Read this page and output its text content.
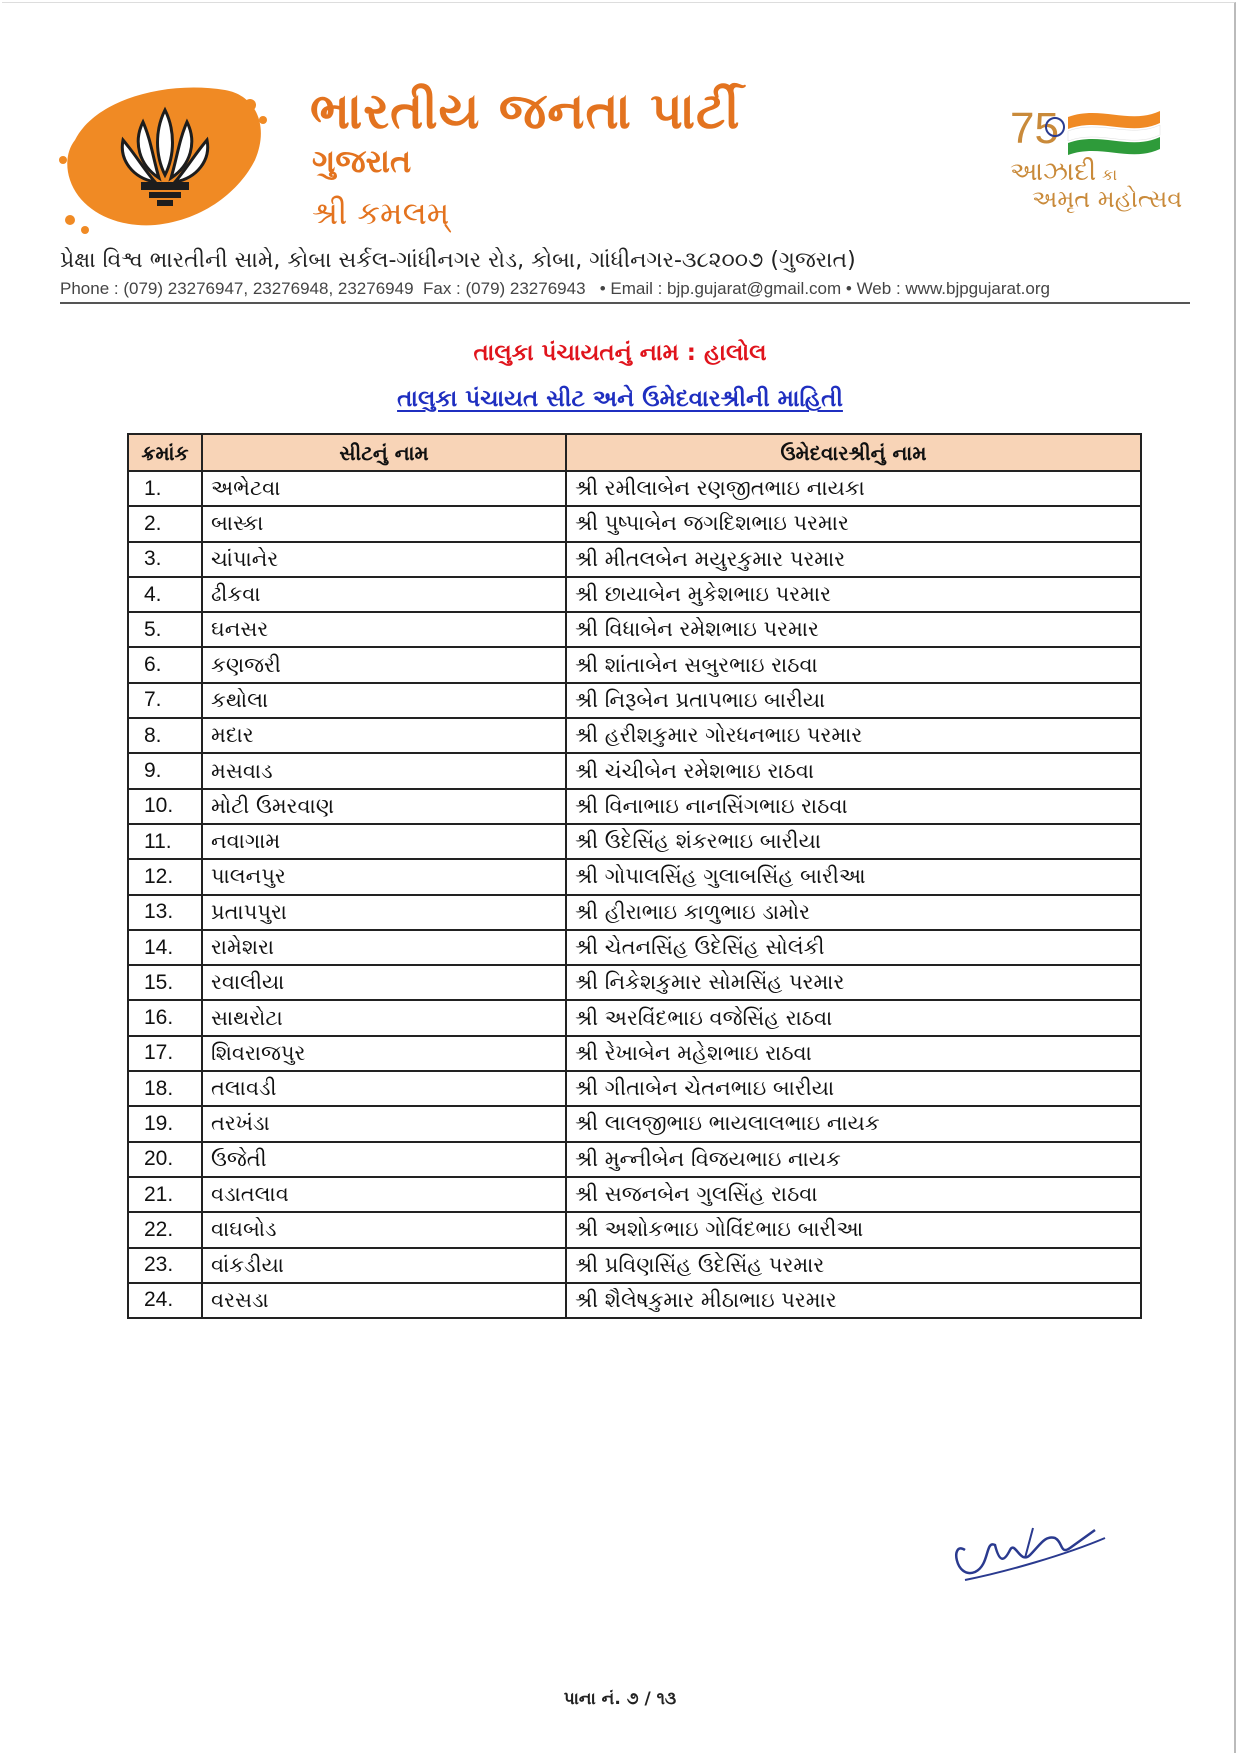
ભારતીય જનતા પાર્ટી
ગુજરાત
શ્રી કમલમ્
75
આઝાદી કા
અમૃત મહોત્સવ
પ્રેક્ષા વિશ્વ ભારતીની સામે, કોબા સર્કલ-ગાંધીનગર રોડ, કોબા, ગાંધીનગર-૩૮૨૦૦૭ (ગુજરાત)
Phone : (079) 23276947, 23276948, 23276949  Fax : (079) 23276943   • Email : bjp.gujarat@gmail.com • Web : www.bjpgujarat.org
તાલુકા પંચાયતનું નામ : હાલોલ
તાલુકા પંચાયત સીટ અને ઉમેદવારશ્રીની માહિતી
ક્રમાંક	સીટનું નામ	ઉમેદવારશ્રીનું નામ
1.	અભેટવા	શ્રી રમીલાબેન રણજીતભાઇ નાયકા
2.	બાસ્કા	શ્રી પુષ્પાબેન જગદિશભાઇ પરમાર
3.	ચાંપાનેર	શ્રી મીતલબેન મયુરકુમાર પરમાર
4.	ઢીકવા	શ્રી છાયાબેન મુકેશભાઇ પરમાર
5.	ઘનસર	શ્રી વિધાબેન રમેશભાઇ પરમાર
6.	કણજરી	શ્રી શાંતાબેન સબુરભાઇ રાઠવા
7.	કથોલા	શ્રી નિરૂબેન પ્રતાપભાઇ બારીયા
8.	મદાર	શ્રી હરીશકુમાર ગોરધનભાઇ પરમાર
9.	મસવાડ	શ્રી ચંચીબેન રમેશભાઇ રાઠવા
10.	મોટી ઉમરવાણ	શ્રી વિનાભાઇ નાનસિંગભાઇ રાઠવા
11.	નવાગામ	શ્રી ઉદેસિંહ શંકરભાઇ બારીયા
12.	પાલનપુર	શ્રી ગોપાલસિંહ ગુલાબસિંહ બારીઆ
13.	પ્રતાપપુરા	શ્રી હીરાભાઇ કાળુભાઇ ડામોર
14.	રામેશરા	શ્રી ચેતનસિંહ ઉદેસિંહ સોલંકી
15.	રવાલીયા	શ્રી નિકેશકુમાર સોમસિંહ પરમાર
16.	સાથરોટા	શ્રી અરવિંદભાઇ વજેસિંહ રાઠવા
17.	શિવરાજપુર	શ્રી રેખાબેન મહેશભાઇ રાઠવા
18.	તલાવડી	શ્રી ગીતાબેન ચેતનભાઇ બારીયા
19.	તરખંડા	શ્રી લાલજીભાઇ ભાયલાલભાઇ નાયક
20.	ઉજેતી	શ્રી મુન્નીબેન વિજયભાઇ નાયક
21.	વડાતલાવ	શ્રી સજનબેન ગુલસિંહ રાઠવા
22.	વાઘબોડ	શ્રી અશોકભાઇ ગોવિંદભાઇ બારીઆ
23.	વાંકડીયા	શ્રી પ્રવિણસિંહ ઉદેસિંહ પરમાર
24.	વરસડા	શ્રી શૈલેષકુમાર મીઠાભાઇ પરમાર
પાના નં. ૭ / ૧૩
